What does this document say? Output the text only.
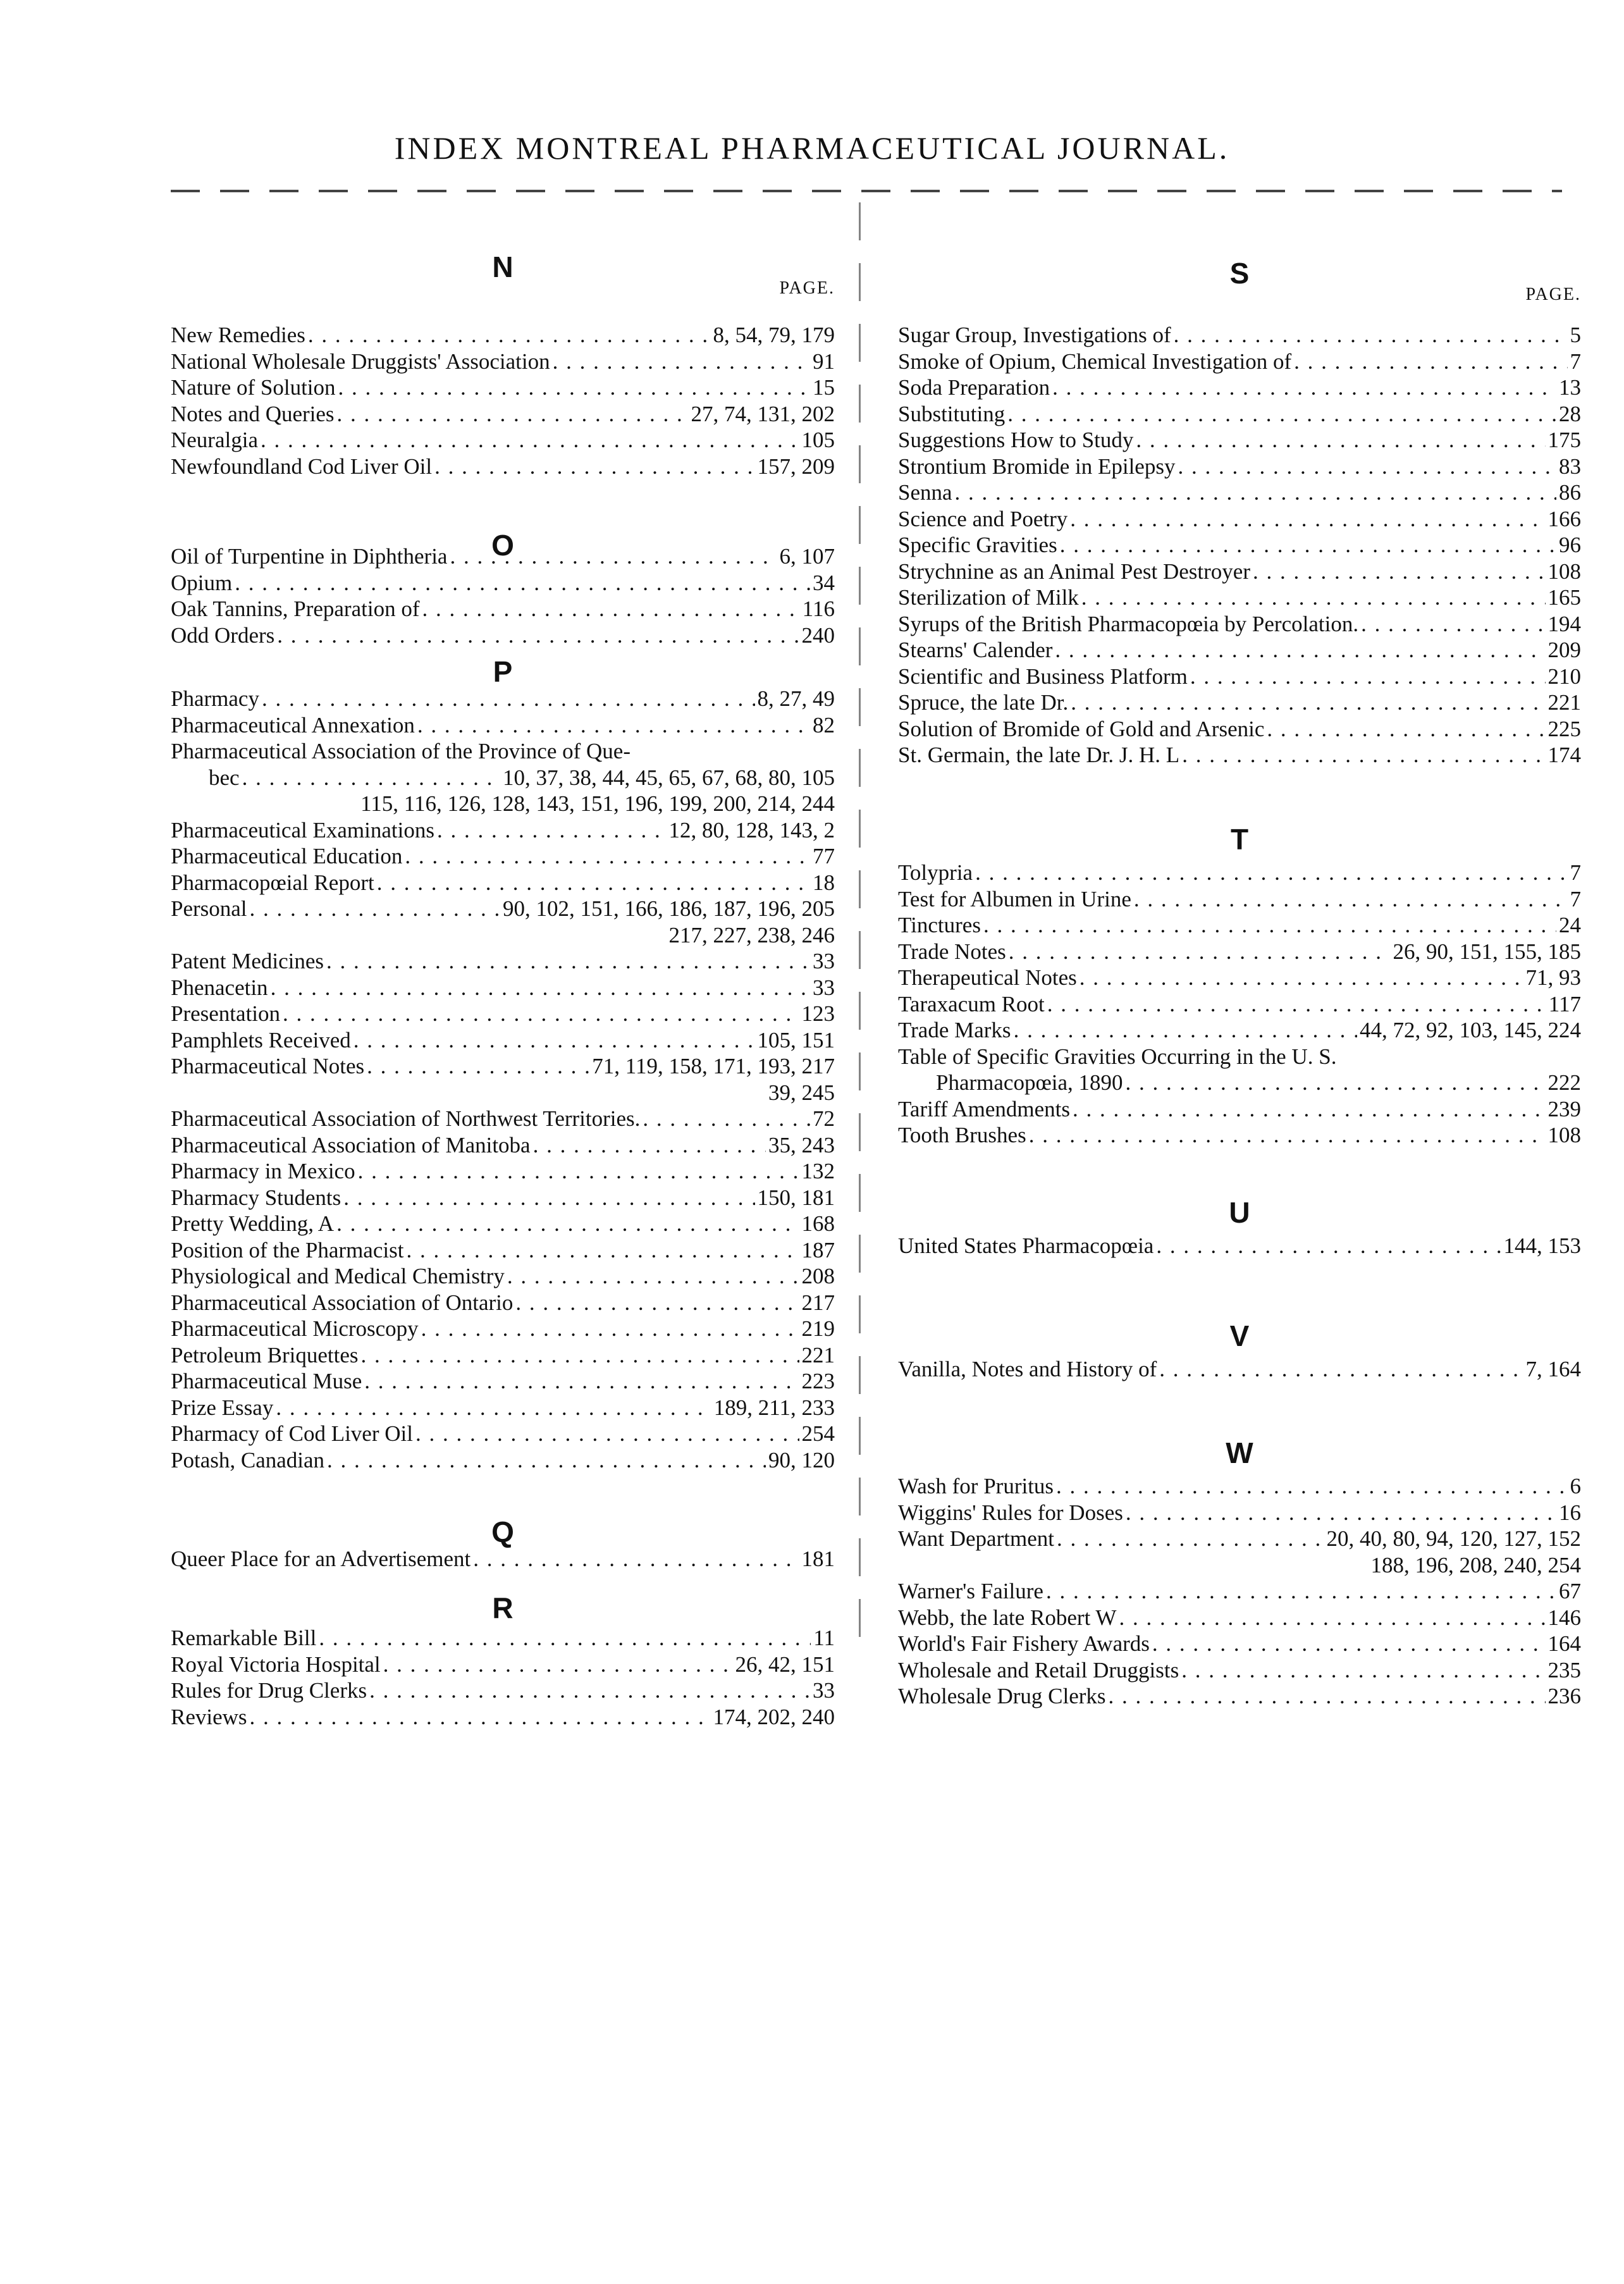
INDEX MONTREAL PHARMACEUTICAL JOURNAL.
PAGE.
N
New Remedies . . .	8, 54, 79, 179
National Wholesale Druggists' Association . . .	91
Nature of Solution . . .	15
Notes and Queries . . .	27, 74, 131, 202
Neuralgia . . .	105
Newfoundland Cod Liver Oil . . .	157, 209
O
Oil of Turpentine in Diphtheria . . .	6, 107
Opium . . .	34
Oak Tannins, Preparation of . . .	116
Odd Orders . . .	240
P
Pharmacy . . .	8, 27, 49
Pharmaceutical Annexation . . .	82
Pharmaceutical Association of the Province of Que-
bec . . .	10, 37, 38, 44, 45, 65, 67, 68, 80, 105
115, 116, 126, 128, 143, 151, 196, 199, 200, 214, 244
Pharmaceutical Examinations . . .	12, 80, 128, 143, 2
Pharmaceutical Education . . .	77
Pharmacopœial Report . . .	18
Personal . . .	90, 102, 151, 166, 186, 187, 196, 205
217, 227, 238, 246
Patent Medicines . . .	33
Phenacetin . . .	33
Presentation . . .	123
Pamphlets Received . . .	105, 151
Pharmaceutical Notes . . .	71, 119, 158, 171, 193, 217
39, 245
Pharmaceutical Association of Northwest Territories. . . .	72
Pharmaceutical Association of Manitoba . . .	35, 243
Pharmacy in Mexico . . .	132
Pharmacy Students . . .	150, 181
Pretty Wedding, A . . .	168
Position of the Pharmacist . . .	187
Physiological and Medical Chemistry . . .	208
Pharmaceutical Association of Ontario . . .	217
Pharmaceutical Microscopy . . .	219
Petroleum Briquettes . . .	221
Pharmaceutical Muse . . .	223
Prize Essay . . .	189, 211, 233
Pharmacy of Cod Liver Oil . . .	254
Potash, Canadian . . .	90, 120
Q
Queer Place for an Advertisement . . .	181
R
Remarkable Bill . . .	11
Royal Victoria Hospital . . .	26, 42, 151
Rules for Drug Clerks . . .	33
Reviews . . .	174, 202, 240
PAGE.
S
Sugar Group, Investigations of . . .	5
Smoke of Opium, Chemical Investigation of . . .	7
Soda Preparation . . .	13
Substituting . . .	28
Suggestions How to Study . . .	175
Strontium Bromide in Epilepsy . . .	83
Senna . . .	86
Science and Poetry . . .	166
Specific Gravities . . .	96
Strychnine as an Animal Pest Destroyer . . .	108
Sterilization of Milk . . .	165
Syrups of the British Pharmacopœia by Percolation. . . .	194
Stearns' Calender . . .	209
Scientific and Business Platform . . .	210
Spruce, the late Dr. . . .	221
Solution of Bromide of Gold and Arsenic . . .	225
St. Germain, the late Dr. J. H. L . . .	174
T
Tolypria . . .	7
Test for Albumen in Urine . . .	7
Tinctures . . .	24
Trade Notes . . .	26, 90, 151, 155, 185
Therapeutical Notes . . .	71, 93
Taraxacum Root . . .	117
Trade Marks . . .	44, 72, 92, 103, 145, 224
Table of Specific Gravities Occurring in the U. S.
Pharmacopœia, 1890 . . .	222
Tariff Amendments . . .	239
Tooth Brushes . . .	108
U
United States Pharmacopœia . . .	144, 153
V
Vanilla, Notes and History of . . .	7, 164
W
Wash for Pruritus . . .	6
Wiggins' Rules for Doses . . .	16
Want Department . . .	20, 40, 80, 94, 120, 127, 152
188, 196, 208, 240, 254
Warner's Failure . . .	67
Webb, the late Robert W . . .	146
World's Fair Fishery Awards . . .	164
Wholesale and Retail Druggists . . .	235
Wholesale Drug Clerks . . .	236
